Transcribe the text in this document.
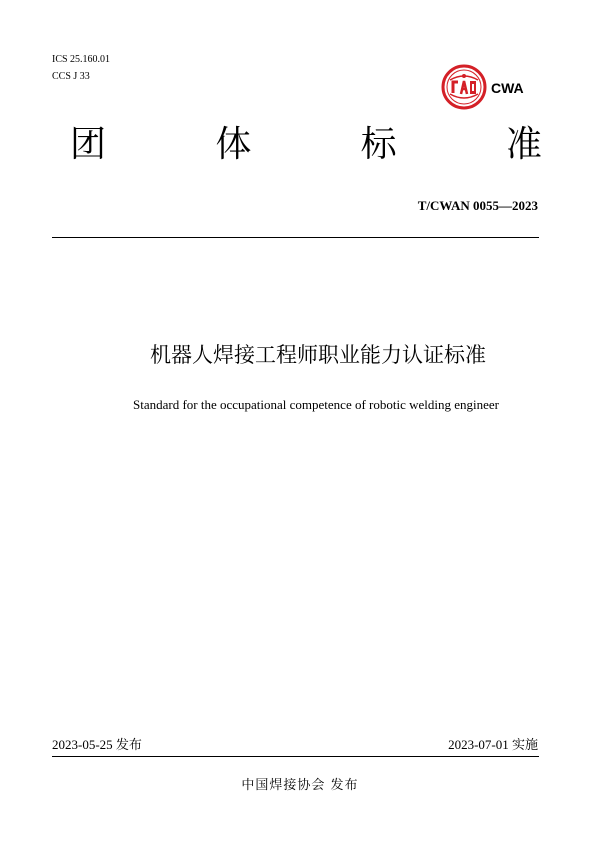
ICS 25.160.01
CCS J 33
CWA
团	体	标	准
T/CWAN 0055—2023
机器人焊接工程师职业能力认证标准
Standard for the occupational competence of robotic welding engineer
2023-05-25 发布	2023-07-01 实施
中国焊接协会 发布
